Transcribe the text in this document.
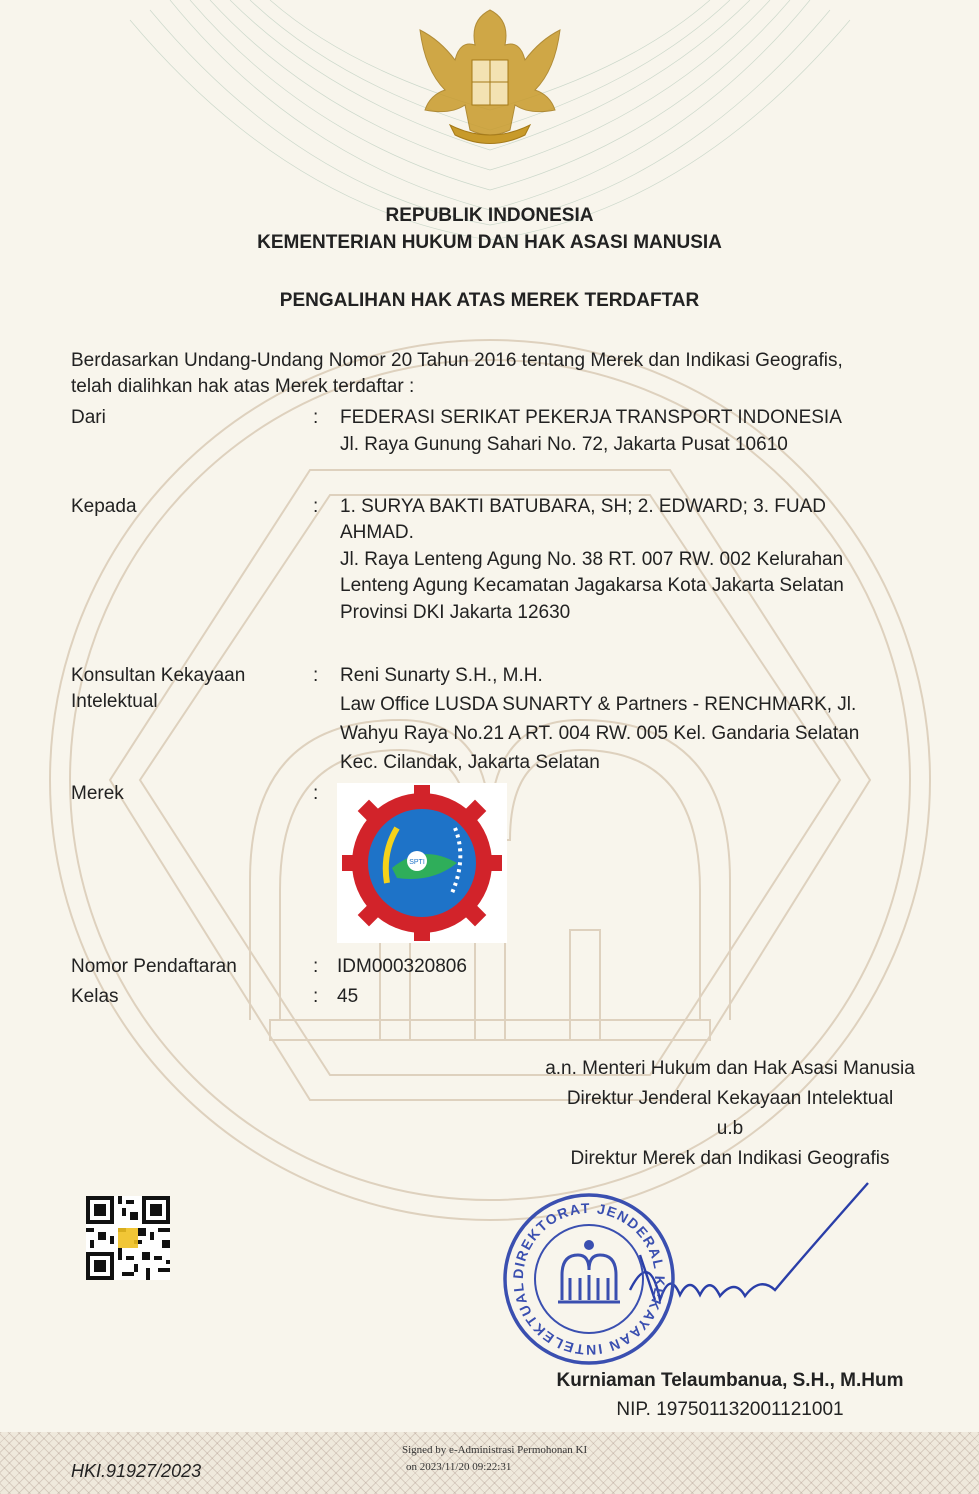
REPUBLIK INDONESIA
KEMENTERIAN HUKUM DAN HAK ASASI MANUSIA
PENGALIHAN HAK ATAS MEREK TERDAFTAR
Berdasarkan Undang-Undang Nomor 20 Tahun 2016 tentang Merek dan Indikasi Geografis,
telah dialihkan hak atas Merek terdaftar :
Dari	: FEDERASI SERIKAT PEKERJA TRANSPORT INDONESIA
Jl. Raya Gunung Sahari No. 72, Jakarta Pusat 10610
Kepada	: 1. SURYA BAKTI BATUBARA, SH; 2. EDWARD; 3. FUAD
AHMAD.
Jl. Raya Lenteng Agung No. 38 RT. 007 RW. 002 Kelurahan
Lenteng Agung Kecamatan Jagakarsa Kota Jakarta Selatan
Provinsi DKI Jakarta 12630
Konsultan Kekayaan
Intelektual
: Reni Sunarty S.H., M.H.
Law Office LUSDA SUNARTY & Partners - RENCHMARK, Jl.
Wahyu Raya No.21 A RT. 004 RW. 005 Kel. Gandaria Selatan
Kec. Cilandak, Jakarta Selatan
Merek	:
SPTI
Nomor Pendaftaran	: IDM000320806
Kelas	: 45
a.n. Menteri Hukum dan Hak Asasi Manusia
Direktur Jenderal Kekayaan Intelektual
u.b
Direktur Merek dan Indikasi Geografis
DIREKTORAT JENDERAL KEKAYAAN INTELEKTUAL
Kurniaman Telaumbanua, S.H., M.Hum
NIP. 197501132001121001
Signed by e-Administrasi Permohonan KI
on 2023/11/20 09:22:31
HKI.91927/2023
